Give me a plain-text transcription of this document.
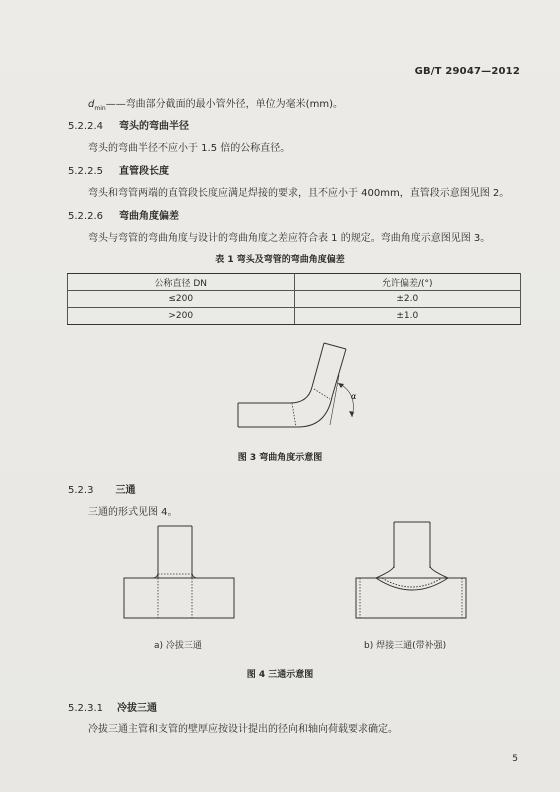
GB/T 29047—2012
$d_{min}——$弯曲部分截面的最小管外径，单位为毫米(mm)。
5.2.2.4 弯头的弯曲半径
弯头的弯曲半径不应小于 1.5 倍的公称直径。
5.2.2.5 直管段长度
弯头和弯管两端的直管段长度应满足焊接的要求，且不应小于 400mm，直管段示意图见图 2。
5.2.2.6 弯曲角度偏差
弯头与弯管的弯曲角度与设计的弯曲角度之差应符合表 1 的规定。弯曲角度示意图见图 3。
表 1 弯头及弯管的弯曲角度偏差
公称直径 DN	允许偏差/(°)
≤200	±2.0
>200	±1.0
α
图 3 弯曲角度示意图
5.2.3 三通
三通的形式见图 4。
a) 冷拔三通	b) 焊接三通(带补强)
图 4 三通示意图
5.2.3.1 冷拔三通
冷拔三通主管和支管的壁厚应按设计提出的径向和轴向荷载要求确定。
5
